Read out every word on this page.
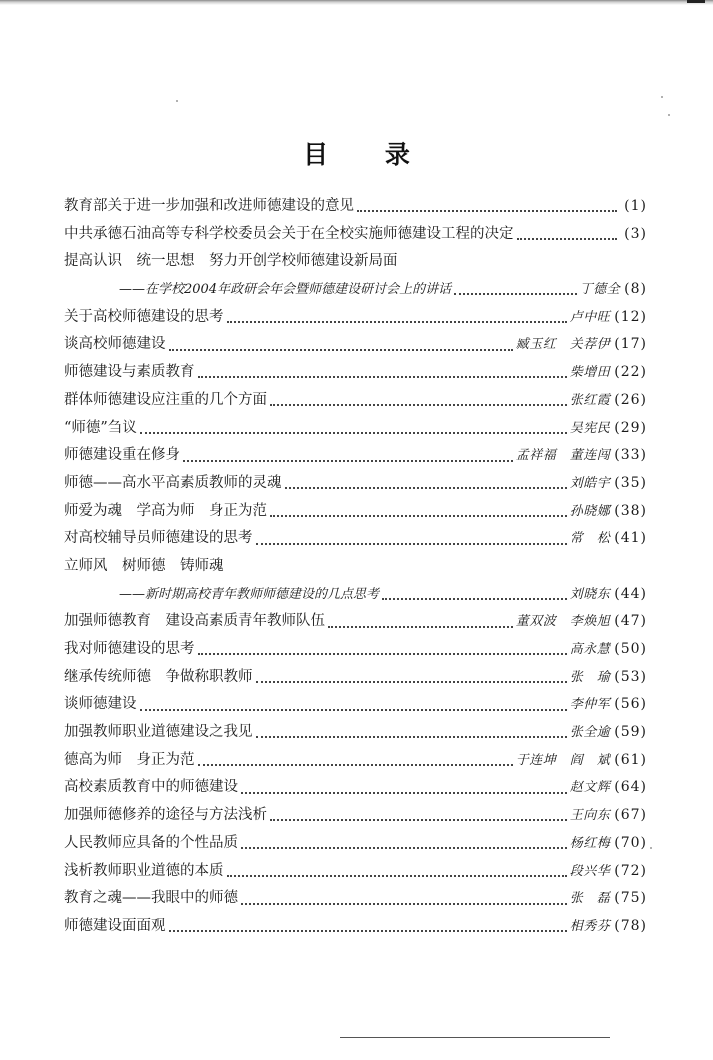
目 录
教育部关于进一步加强和改进师德建设的意见	(1)
中共承德石油高等专科学校委员会关于在全校实施师德建设工程的决定	(3)
提高认识　统一思想　努力开创学校师德建设新局面
——在学校2004年政研会年会暨师德建设研讨会上的讲话	丁德全 (8)
关于高校师德建设的思考	卢中旺 (12)
谈高校师德建设	臧玉红　关荐伊 (17)
师德建设与素质教育	柴增田 (22)
群体师德建设应注重的几个方面	张红霞 (26)
“师德”刍议	吴宪民 (29)
师德建设重在修身	孟祥福　董连闯 (33)
师德——高水平高素质教师的灵魂	刘皓宇 (35)
师爱为魂　学高为师　身正为范	孙晓娜 (38)
对高校辅导员师德建设的思考	常　松 (41)
立师风　树师德　铸师魂
——新时期高校青年教师师德建设的几点思考	刘晓东 (44)
加强师德教育　建设高素质青年教师队伍	董双波　李焕旭 (47)
我对师德建设的思考	高永慧 (50)
继承传统师德　争做称职教师	张　瑜 (53)
谈师德建设	李仲军 (56)
加强教师职业道德建设之我见	张全逾 (59)
德高为师　身正为范	于连坤　阎　斌 (61)
高校素质教育中的师德建设	赵文辉 (64)
加强师德修养的途径与方法浅析	王向东 (67)
人民教师应具备的个性品质	杨红梅 (70)
浅析教师职业道德的本质	段兴华 (72)
教育之魂——我眼中的师德	张　磊 (75)
师德建设面面观	相秀芬 (78)
